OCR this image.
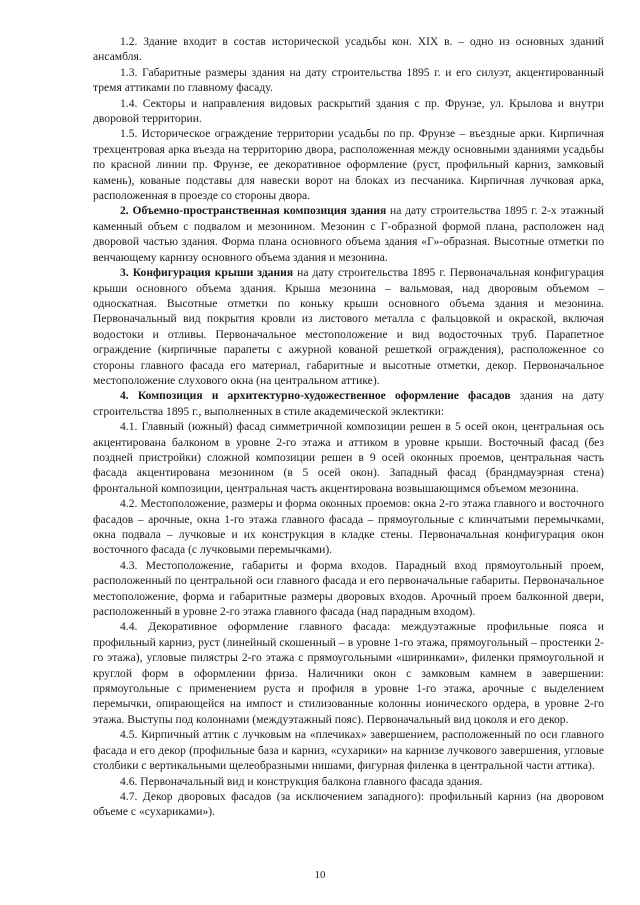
1.2. Здание входит в состав исторической усадьбы кон. XIX в. – одно из основных зданий ансамбля.

1.3. Габаритные размеры здания на дату строительства 1895 г. и его силуэт, акцентированный тремя аттиками по главному фасаду.

1.4. Секторы и направления видовых раскрытий здания с пр. Фрунзе, ул. Крылова и внутри дворовой территории.

1.5. Историческое ограждение территории усадьбы по пр. Фрунзе – въездные арки. Кирпичная трехцентровая арка въезда на территорию двора, расположенная между основными зданиями усадьбы по красной линии пр. Фрунзе, ее декоративное оформление (руст, профильный карниз, замковый камень), кованые подставы для навески ворот на блоках из песчаника. Кирпичная лучковая арка, расположенная в проезде со стороны двора.

2. Объемно-пространственная композиция здания на дату строительства 1895 г. 2-х этажный каменный объем с подвалом и мезонином. Мезонин с Г-образной формой плана, расположен над дворовой частью здания. Форма плана основного объема здания «Г»-образная. Высотные отметки по венчающему карнизу основного объема здания и мезонина.

3. Конфигурация крыши здания на дату строительства 1895 г. Первоначальная конфигурация крыши основного объема здания. Крыша мезонина – вальмовая, над дворовым объемом – односкатная. Высотные отметки по коньку крыши основного объема здания и мезонина. Первоначальный вид покрытия кровли из листового металла с фальцовкой и окраской, включая водостоки и отливы. Первоначальное местоположение и вид водосточных труб. Парапетное ограждение (кирпичные парапеты с ажурной кованой решеткой ограждения), расположенное со стороны главного фасада его материал, габаритные и высотные отметки, декор. Первоначальное местоположение слухового окна (на центральном аттике).

4. Композиция и архитектурно-художественное оформление фасадов здания на дату строительства 1895 г., выполненных в стиле академической эклектики:

4.1. Главный (южный) фасад симметричной композиции решен в 5 осей окон, центральная ось акцентирована балконом в уровне 2-го этажа и аттиком в уровне крыши. Восточный фасад (без поздней пристройки) сложной композиции решен в 9 осей оконных проемов, центральная часть фасада акцентирована мезонином (в 5 осей окон). Западный фасад (брандмауэрная стена) фронтальной композиции, центральная часть акцентирована возвышающимся объемом мезонина.

4.2. Местоположение, размеры и форма оконных проемов: окна 2-го этажа главного и восточного фасадов – арочные, окна 1-го этажа главного фасада – прямоугольные с клинчатыми перемычками, окна подвала – лучковые и их конструкция в кладке стены. Первоначальная конфигурация окон восточного фасада (с лучковыми перемычками).

4.3. Местоположение, габариты и форма входов. Парадный вход прямоугольный проем, расположенный по центральной оси главного фасада и его первоначальные габариты. Первоначальное местоположение, форма и габаритные размеры дворовых входов. Арочный проем балконной двери, расположенный в уровне 2-го этажа главного фасада (над парадным входом).

4.4. Декоративное оформление главного фасада: междуэтажные профильные пояса и профильный карниз, руст (линейный скошенный – в уровне 1-го этажа, прямоугольный – простенки 2-го этажа), угловые пилястры 2-го этажа с прямоугольными «ширинками», филенки прямоугольной и круглой форм в оформлении фриза. Наличники окон с замковым камнем в завершении: прямоугольные с применением руста и профиля в уровне 1-го этажа, арочные с выделением перемычки, опирающейся на импост и стилизованные колонны ионического ордера, в уровне 2-го этажа. Выступы под колоннами (междуэтажный пояс). Первоначальный вид цоколя и его декор.

4.5. Кирпичный аттик с лучковым на «плечиках» завершением, расположенный по оси главного фасада и его декор (профильные база и карниз, «сухарики» на карнизе лучкового завершения, угловые столбики с вертикальными щелеобразными нишами, фигурная филенка в центральной части аттика).

4.6. Первоначальный вид и конструкция балкона главного фасада здания.

4.7. Декор дворовых фасадов (за исключением западного): профильный карниз (на дворовом объеме с «сухариками»).

10
